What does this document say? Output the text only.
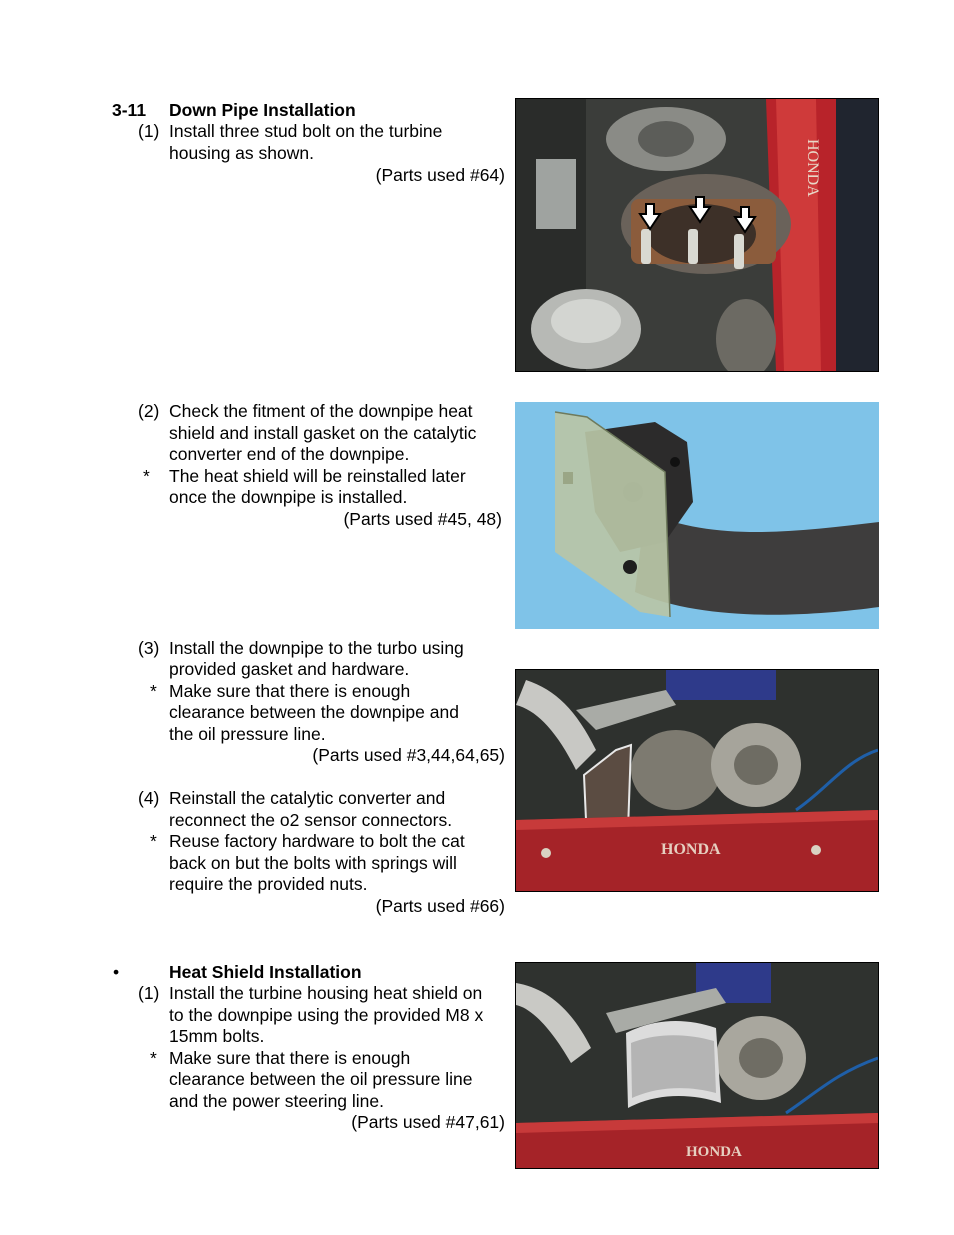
3-11 Down Pipe Installation
(1) Install three stud bolt on the turbine
housing as shown.
(Parts used #64)
(2) Check the fitment of the downpipe heat
shield and install gasket on the catalytic
converter end of the downpipe.
* The heat shield will be reinstalled later
once the downpipe is installed.
(Parts used #45, 48)
(3) Install the downpipe to the turbo using
provided gasket and hardware.
* Make sure that there is enough
clearance between the downpipe and
the oil pressure line.
(Parts used #3,44,64,65)
(4) Reinstall the catalytic converter and
reconnect the o2 sensor connectors.
* Reuse factory hardware to bolt the cat
back on but the bolts with springs will
require the provided nuts.
(Parts used #66)
•	Heat Shield Installation
(1) Install the turbine housing heat shield on
to the downpipe using the provided M8 x
15mm bolts.
* Make sure that there is enough
clearance between the oil pressure line
and the power steering line.
(Parts used #47,61)
HONDA
HONDA
HONDA
